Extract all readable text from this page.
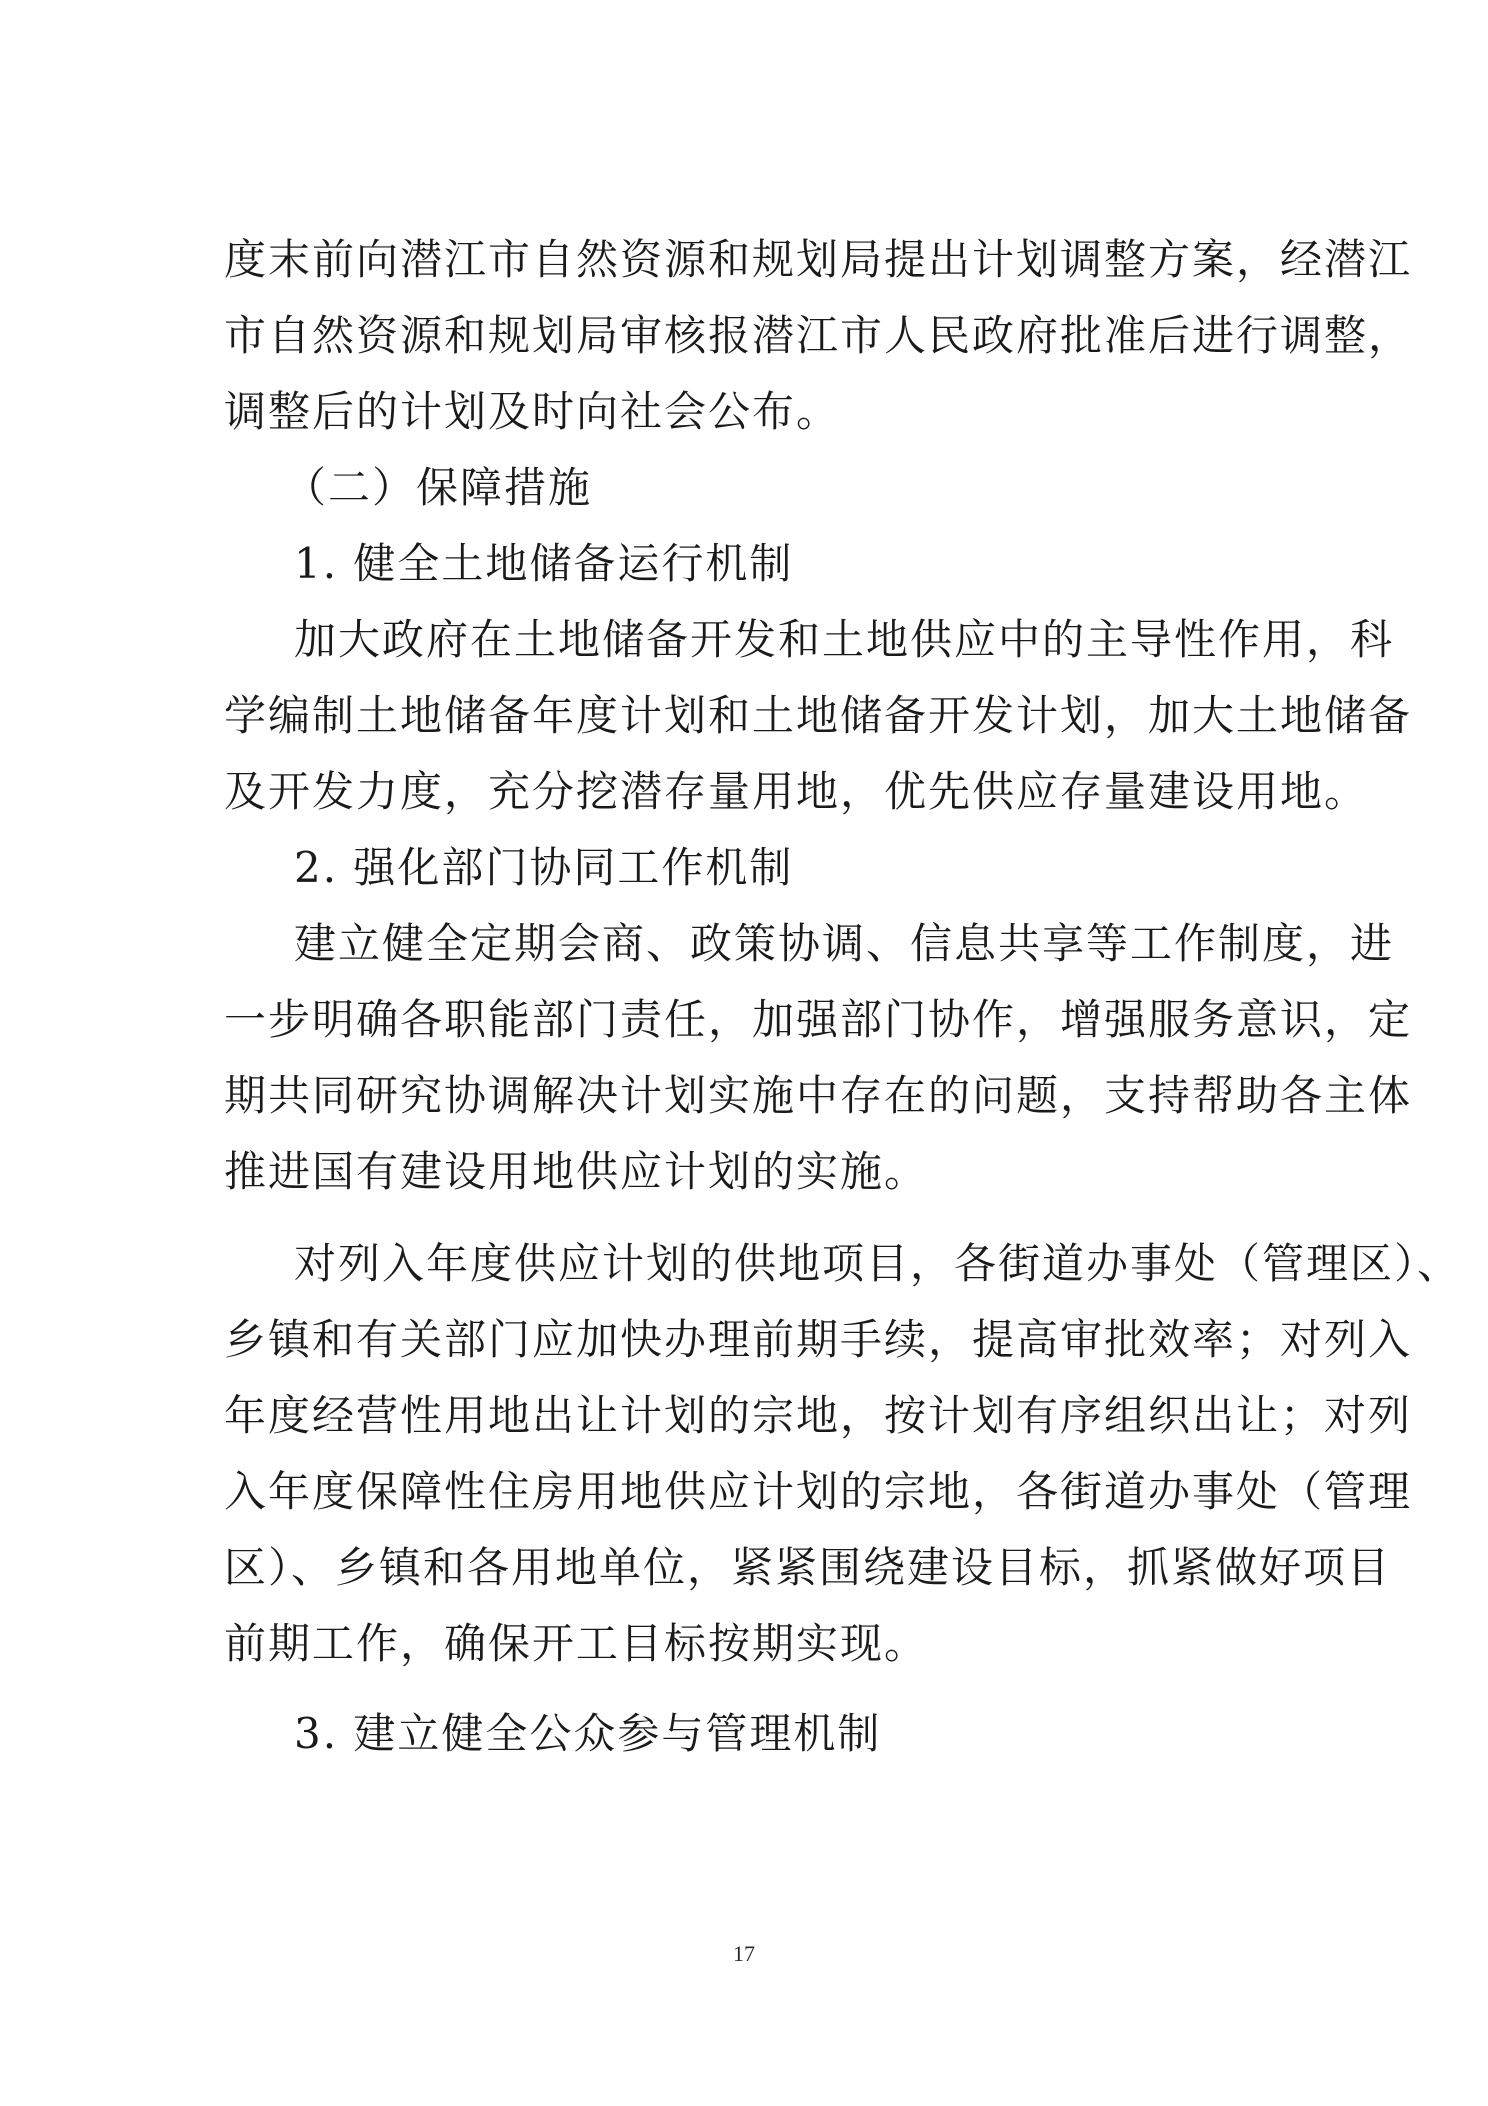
度末前向潜江市自然资源和规划局提出计划调整方案，经潜江
市自然资源和规划局审核报潜江市人民政府批准后进行调整，
调整后的计划及时向社会公布。
（二）保障措施
1. 健全土地储备运行机制
加大政府在土地储备开发和土地供应中的主导性作用，科
学编制土地储备年度计划和土地储备开发计划，加大土地储备
及开发力度，充分挖潜存量用地，优先供应存量建设用地。
2. 强化部门协同工作机制
建立健全定期会商、政策协调、信息共享等工作制度，进
一步明确各职能部门责任，加强部门协作，增强服务意识，定
期共同研究协调解决计划实施中存在的问题，支持帮助各主体
推进国有建设用地供应计划的实施。
对列入年度供应计划的供地项目，各街道办事处（管理区）、
乡镇和有关部门应加快办理前期手续，提高审批效率；对列入
年度经营性用地出让计划的宗地，按计划有序组织出让；对列
入年度保障性住房用地供应计划的宗地，各街道办事处（管理
区）、乡镇和各用地单位，紧紧围绕建设目标，抓紧做好项目
前期工作，确保开工目标按期实现。
3. 建立健全公众参与管理机制
17
